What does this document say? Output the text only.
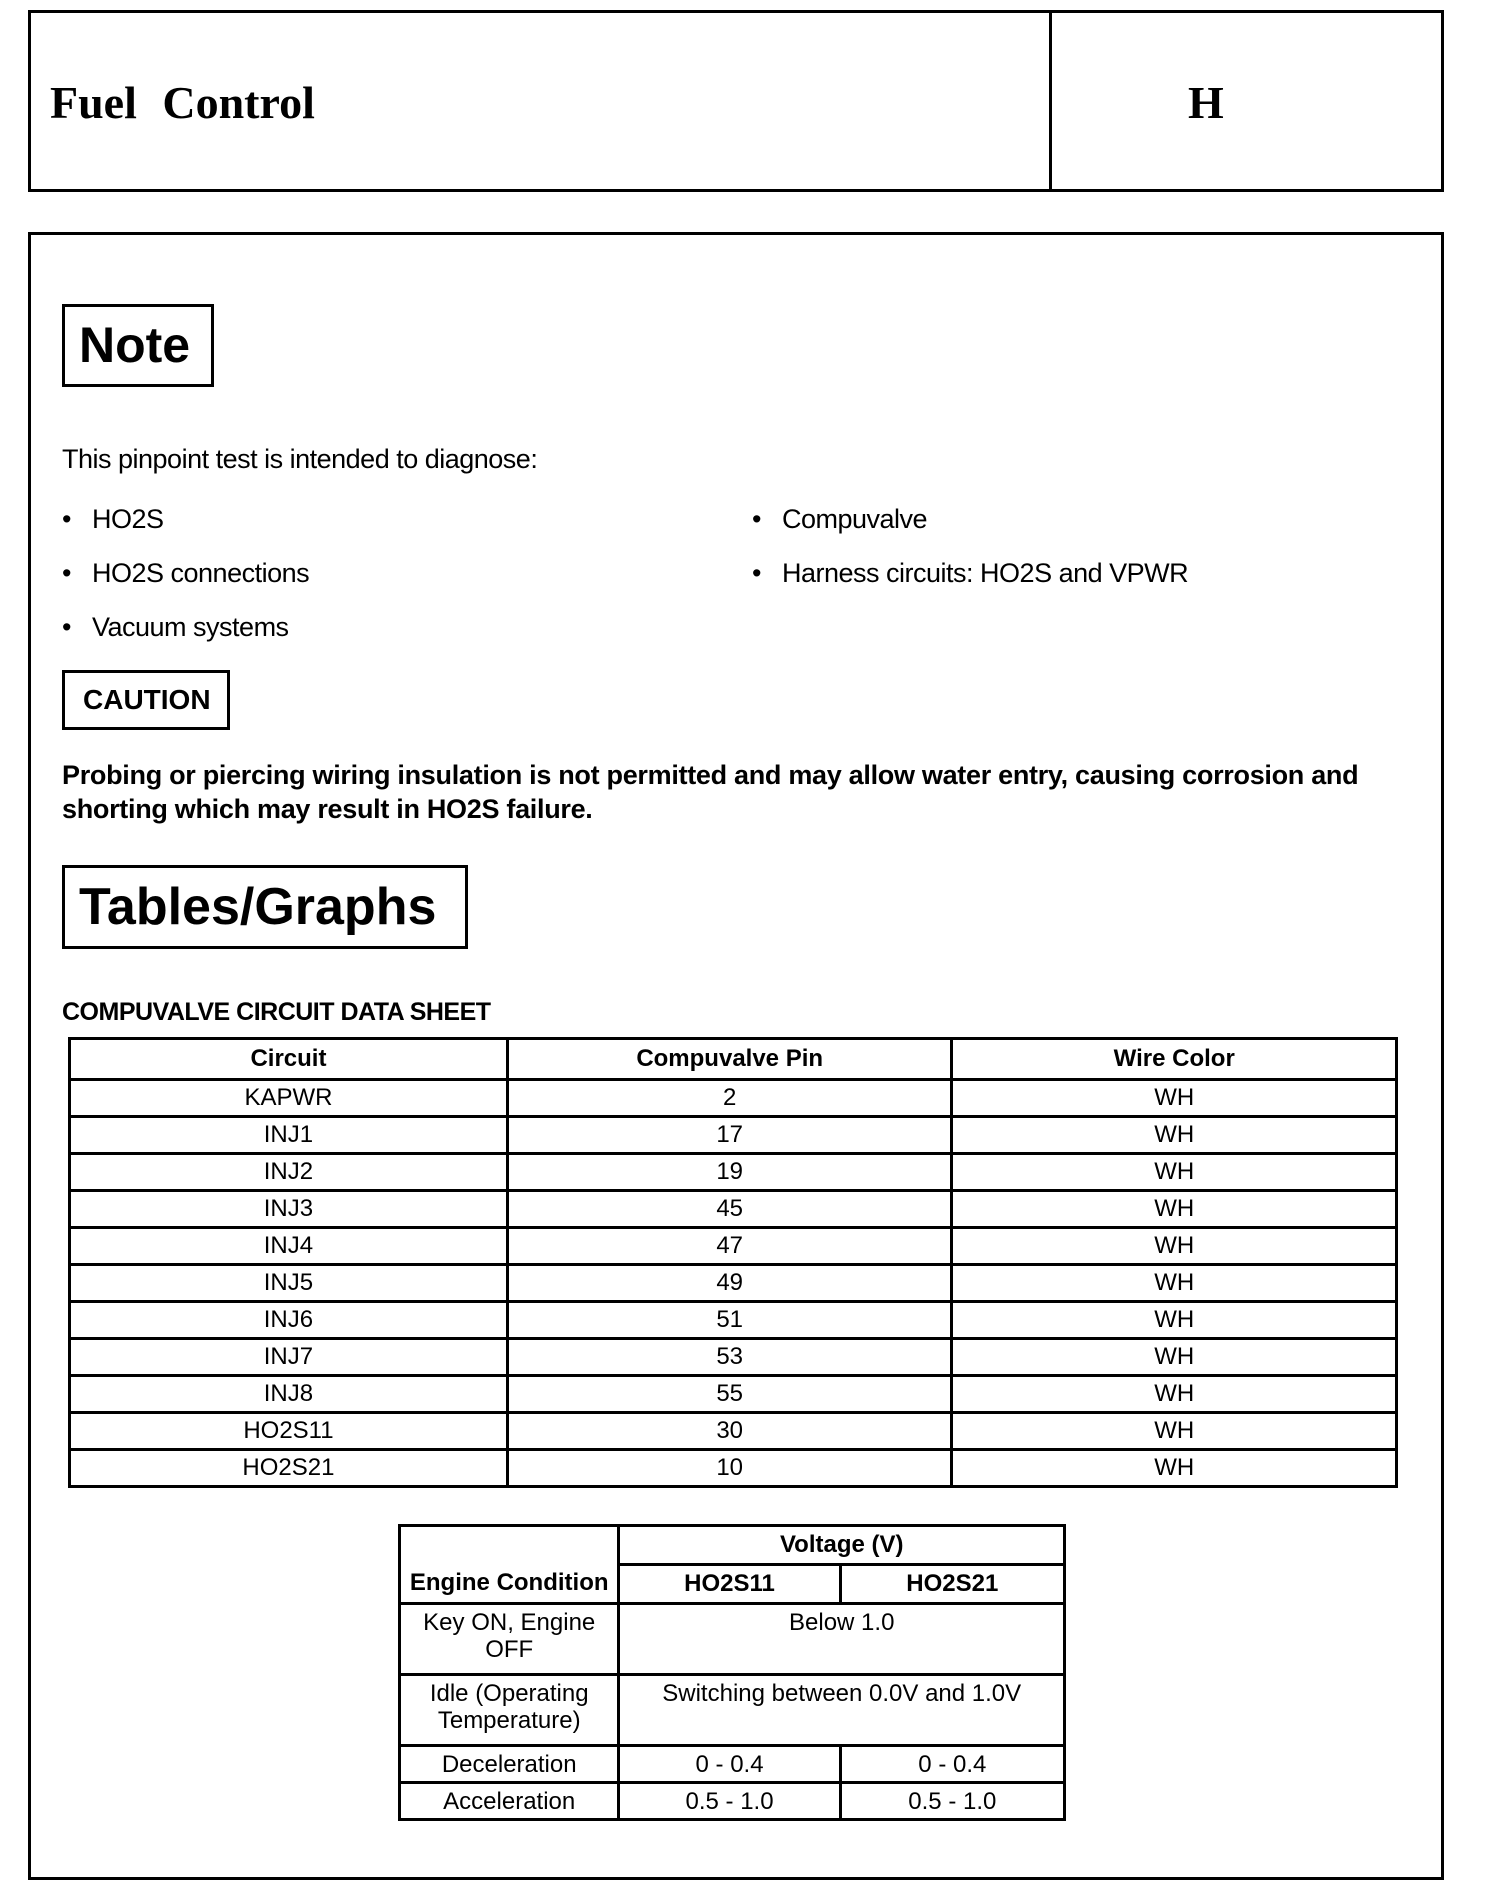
Fuel Control	H
Note
This pinpoint test is intended to diagnose:
• HO2S
• HO2S connections
• Vacuum systems
• Compuvalve
• Harness circuits: HO2S and VPWR
CAUTION
Probing or piercing wiring insulation is not permitted and may allow water entry, causing corrosion and shorting which may result in HO2S failure.
Tables/Graphs
COMPUVALVE CIRCUIT DATA SHEET
Circuit	Compuvalve Pin	Wire Color
KAPWR	2	WH
INJ1	17	WH
INJ2	19	WH
INJ3	45	WH
INJ4	47	WH
INJ5	49	WH
INJ6	51	WH
INJ7	53	WH
INJ8	55	WH
HO2S11	30	WH
HO2S21	10	WH
	Voltage (V)	
Engine Condition	HO2S11	HO2S21
Key ON, Engine OFF	Below 1.0	
Idle (Operating Temperature)	Switching between 0.0V and 1.0V	
Deceleration	0 - 0.4	0 - 0.4
Acceleration	0.5 - 1.0	0.5 - 1.0
